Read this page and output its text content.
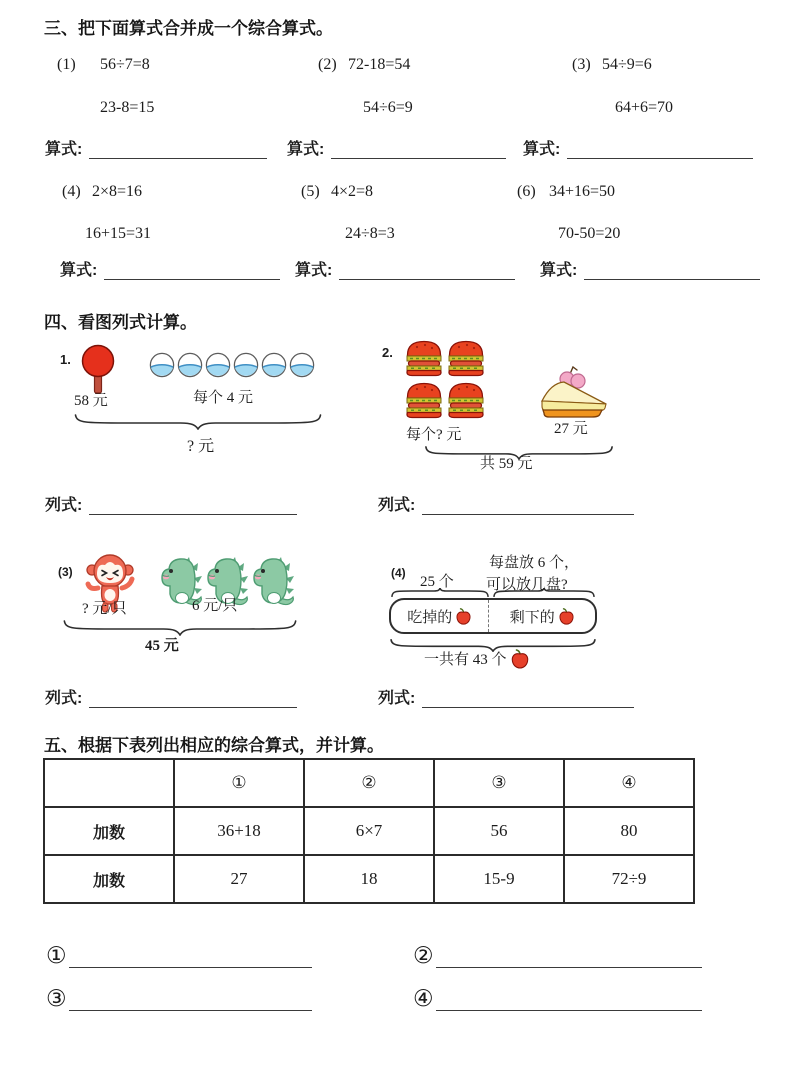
三、把下面算式合并成一个综合算式。
(1) 56÷7=8
23-8=15
(2) 72-18=54
54÷6=9
(3) 54÷9=6
64+6=70
算式:	算式:	算式:
(4) 2×8=16
16+15=31
(5) 4×2=8
24÷8=3
(6) 34+16=50
70-50=20
算式:	算式:	算式:
四、看图列式计算。
1.
58 元	每个 4 元
? 元
2.
每个? 元	27 元
共 59 元
列式:	列式:
(3)
? 元/只	6 元/只
45 元
(4)
25 个
每盘放 6 个，
可以放几盘?
吃掉的	剩下的
一共有 43 个
列式:	列式:
五、根据下表列出相应的综合算式，并计算。
	①	②	③	④
加数	36+18	6×7	56	80
加数	27	18	15-9	72÷9
①	②
③	④
